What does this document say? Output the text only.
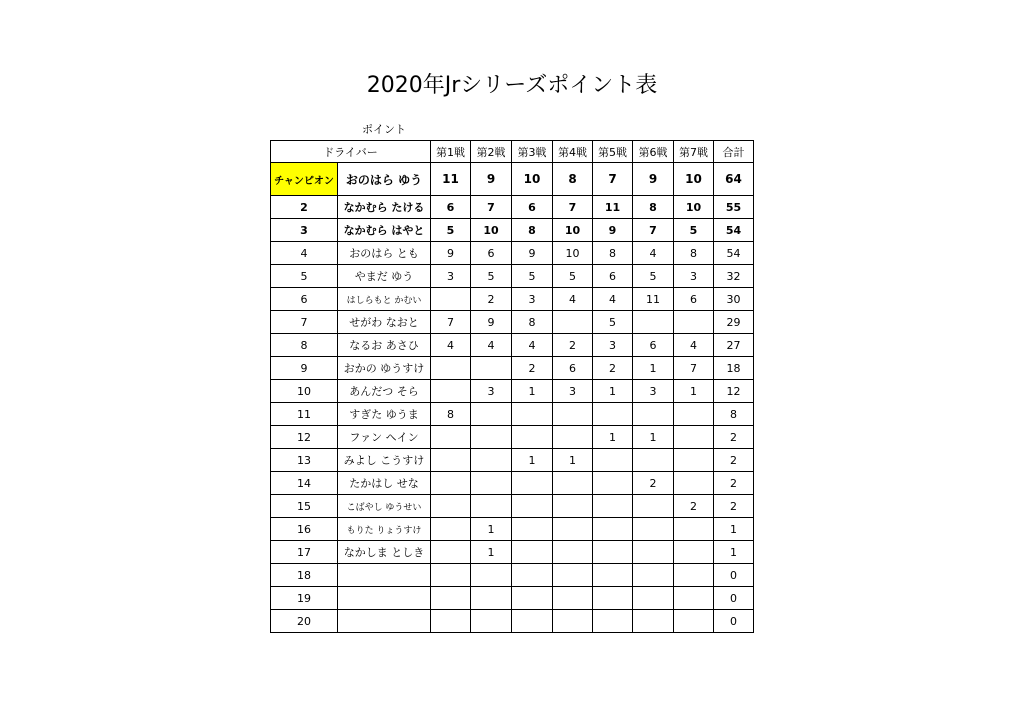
2020年Jrシリーズポイント表
ポイント
ドライバー		第1戦	第2戦	第3戦	第4戦	第5戦	第6戦	第7戦	合計
チャンピオン	おのはら ゆう	11	9	10	8	7	9	10	64
2	なかむら たける	6	7	6	7	11	8	10	55
3	なかむら はやと	5	10	8	10	9	7	5	54
4	おのはら とも	9	6	9	10	8	4	8	54
5	やまだ ゆう	3	5	5	5	6	5	3	32
6	はしらもと かむい		2	3	4	4	11	6	30
7	せがわ なおと	7	9	8		5			29
8	なるお あさひ	4	4	4	2	3	6	4	27
9	おかの ゆうすけ			2	6	2	1	7	18
10	あんだつ そら		3	1	3	1	3	1	12
11	すぎた ゆうま	8							8
12	ファン ヘイン					1	1		2
13	みよし こうすけ			1	1				2
14	たかはし せな						2		2
15	こばやし ゆうせい							2	2
16	もりた りょうすけ		1						1
17	なかしま としき		1						1
18									0
19									0
20									0
